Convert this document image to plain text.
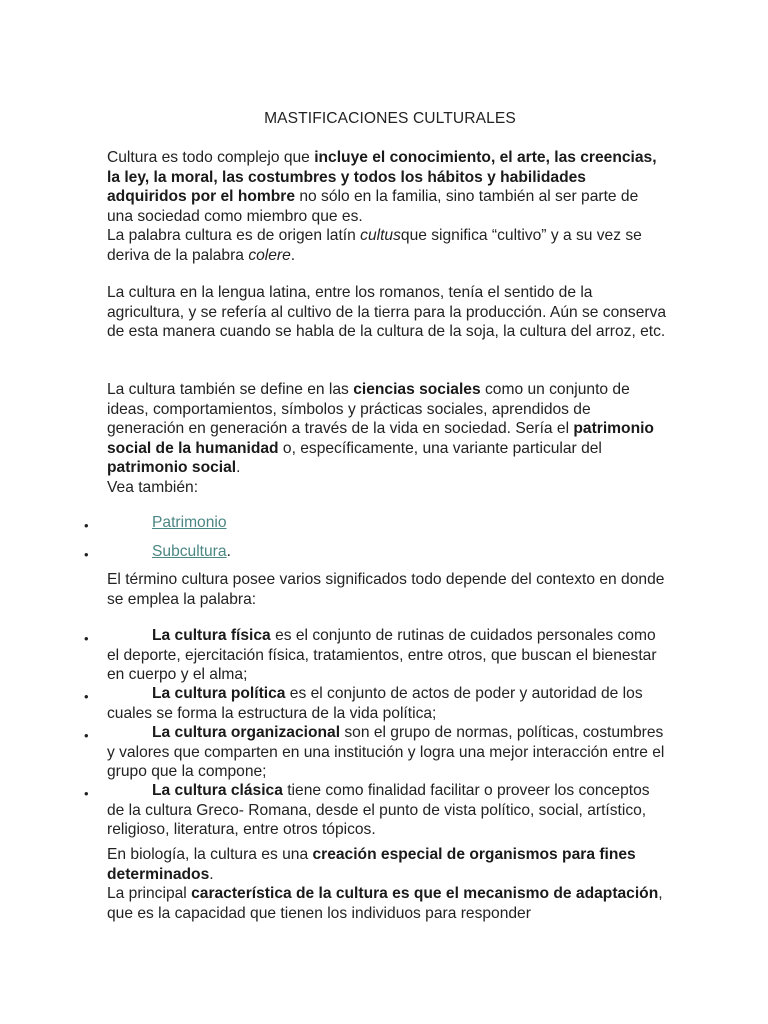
MASTIFICACIONES CULTURALES

Cultura es todo complejo que incluye el conocimiento, el arte, las creencias, la ley, la moral, las costumbres y todos los hábitos y habilidades adquiridos por el hombre no sólo en la familia, sino también al ser parte de una sociedad como miembro que es.

La palabra cultura es de origen latín cultusque significa “cultivo” y a su vez se deriva de la palabra colere.

La cultura en la lengua latina, entre los romanos, tenía el sentido de la agricultura, y se refería al cultivo de la tierra para la producción. Aún se conserva de esta manera cuando se habla de la cultura de la soja, la cultura del arroz, etc.

La cultura también se define en las ciencias sociales como un conjunto de ideas, comportamientos, símbolos y prácticas sociales, aprendidos de generación en generación a través de la vida en sociedad. Sería el patrimonio social de la humanidad o, específicamente, una variante particular del patrimonio social.

Vea también:

•	Patrimonio
•	Subcultura.

El término cultura posee varios significados todo depende del contexto en donde se emplea la palabra:

•	La cultura física es el conjunto de rutinas de cuidados personales como el deporte, ejercitación física, tratamientos, entre otros, que buscan el bienestar en cuerpo y el alma;
•	La cultura política es el conjunto de actos de poder y autoridad de los cuales se forma la estructura de la vida política;
•	La cultura organizacional son el grupo de normas, políticas, costumbres y valores que comparten en una institución y logra una mejor interacción entre el grupo que la compone;
•	La cultura clásica tiene como finalidad facilitar o proveer los conceptos de la cultura Greco- Romana, desde el punto de vista político, social, artístico, religioso, literatura, entre otros tópicos.

En biología, la cultura es una creación especial de organismos para fines determinados.

La principal característica de la cultura es que el mecanismo de adaptación, que es la capacidad que tienen los individuos para responder
